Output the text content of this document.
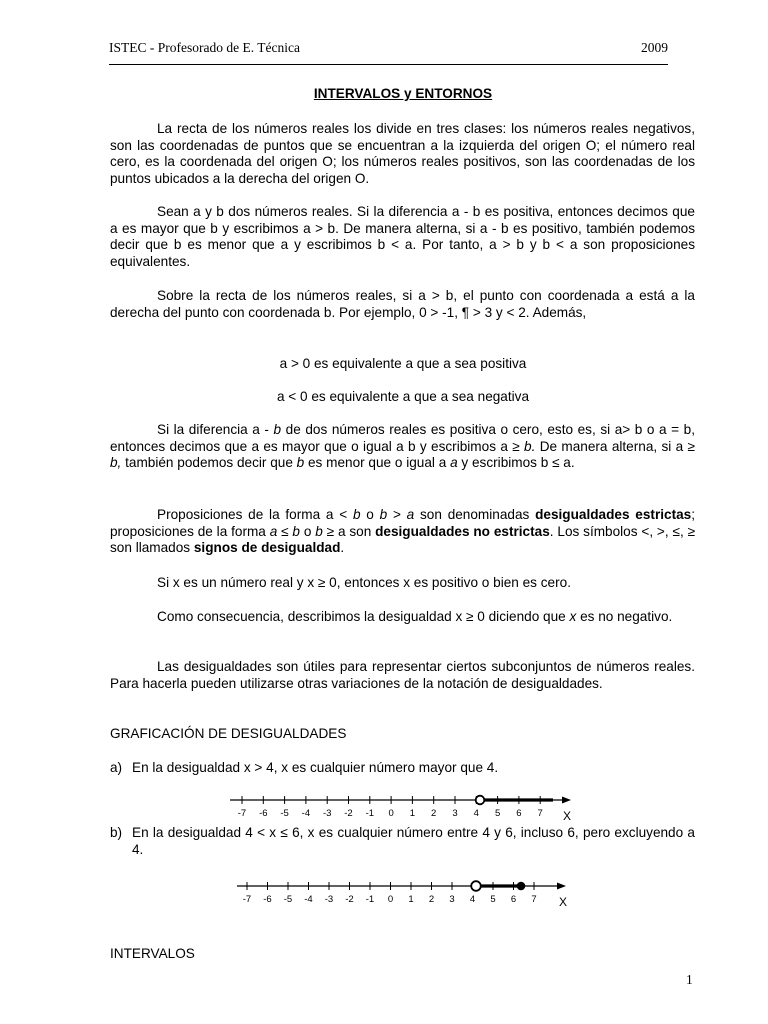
ISTEC - Profesorado de E. Técnica	2009
INTERVALOS y ENTORNOS

La recta de los números reales los divide en tres clases: los números reales negativos, son las coordenadas de puntos que se encuentran a la izquierda del origen O; el número real cero, es la coordenada del origen O; los números reales positivos, son las coordenadas de los puntos ubicados a la derecha del origen O.

Sean a y b dos números reales. Si la diferencia a - b es positiva, entonces decimos que a es mayor que b y escribimos a > b. De manera alterna, si a - b es positivo, también podemos decir que b es menor que a y escribimos b < a. Por tanto, a > b y b < a son proposiciones equivalentes.

Sobre la recta de los números reales, si a > b, el punto con coordenada a está a la derecha del punto con coordenada b. Por ejemplo, 0 > -1, ¶ > 3 y < 2. Además,

a > 0 es equivalente a que a sea positiva
a < 0 es equivalente a que a sea negativa

Si la diferencia a - b de dos números reales es positiva o cero, esto es, si a> b o a = b, entonces decimos que a es mayor que o igual a b y escribimos a ≥ b. De manera alterna, si a ≥ b, también podemos decir que b es menor que o igual a a y escribimos b ≤ a.

Proposiciones de la forma a < b o b > a son denominadas desigualdades estrictas; proposiciones de la forma a ≤ b o b ≥ a son desigualdades no estrictas. Los símbolos <, >, ≤, ≥ son llamados signos de desigualdad.

Si x es un número real y x ≥ 0, entonces x es positivo o bien es cero.

Como consecuencia, describimos la desigualdad x ≥ 0 diciendo que x es no negativo.

Las desigualdades son útiles para representar ciertos subconjuntos de números reales. Para hacerla pueden utilizarse otras variaciones de la notación de desigualdades.

GRAFICACIÓN DE DESIGUALDADES
a) En la desigualdad x > 4, x es cualquier número mayor que 4.
b) En la desigualdad 4 < x ≤ 6, x es cualquier número entre 4 y 6, incluso 6, pero excluyendo a 4.
-7 -6 -5 -4 -3 -2 -1 0 1 2 3 4 5 6 7 X
-7 -6 -5 -4 -3 -2 -1 0 1 2 3 4 5 6 7 X
INTERVALOS
1
